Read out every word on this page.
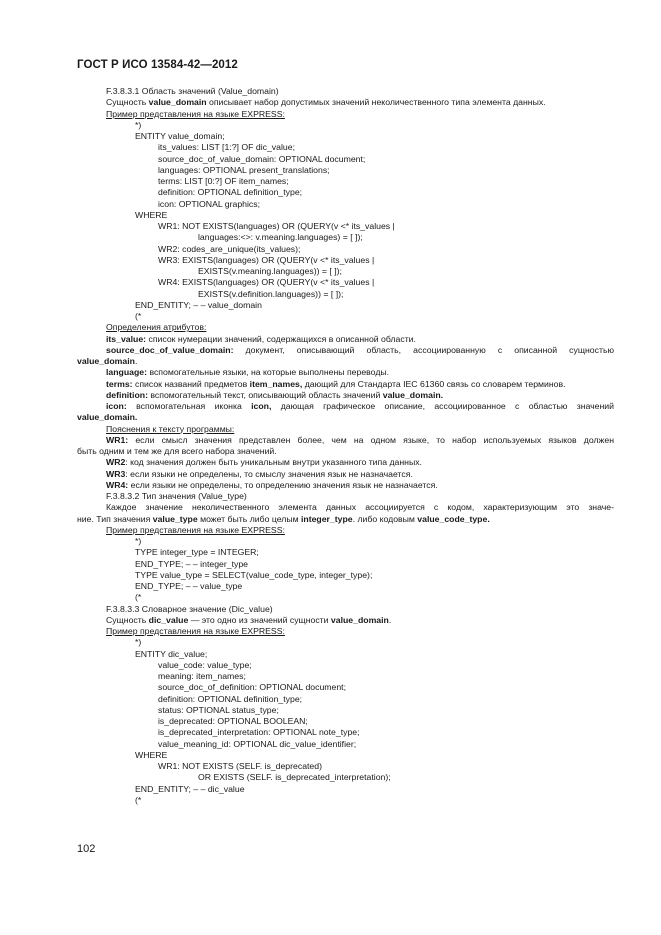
ГОСТ Р ИСО 13584-42—2012
F.3.8.3.1 Область значений (Value_domain)
Сущность value_domain описывает набор допустимых значений неколичественного типа элемента данных.
Пример представления на языке EXPRESS:
*)
ENTITY value_domain;
its_values: LIST [1:?] OF dic_value;
source_doc_of_value_domain: OPTIONAL document;
languages: OPTIONAL present_translations;
terms: LIST [0:?] OF item_names;
definition: OPTIONAL definition_type;
icon: OPTIONAL graphics;
WHERE
WR1: NOT EXISTS(languages) OR (QUERY(v <* its_values |
languages:<>: v.meaning.languages) = [ ]);
WR2: codes_are_unique(its_values);
WR3: EXISTS(languages) OR (QUERY(v <* its_values |
EXISTS(v.meaning.languages)) = [ ]);
WR4: EXISTS(languages) OR (QUERY(v <* its_values |
EXISTS(v.definition.languages)) = [ ]);
END_ENTITY; – – value_domain
(*
Определения атрибутов:
its_value: список нумерации значений, содержащихся в описанной области.
source_doc_of_value_domain: документ, описывающий область, ассоциированную с описанной сущностью
value_domain.
language: вспомогательные языки, на которые выполнены переводы.
terms: список названий предметов item_names, дающий для Стандарта IEC 61360 связь со словарем терминов.
definition: вспомогательный текст, описывающий область значений value_domain.
icon: вспомогательная иконка icon, дающая графическое описание, ассоциированное с областью значений
value_domain.
Пояснения к тексту программы:
WR1: если смысл значения представлен более, чем на одном языке, то набор используемых языков должен
быть одним и тем же для всего набора значений.
WR2: код значения должен быть уникальным внутри указанного типа данных.
WR3: если языки не определены, то смыслу значения язык не назначается.
WR4: если языки не определены, то определению значения язык не назначается.
F.3.8.3.2 Тип значения (Value_type)
Каждое значение неколичественного элемента данных ассоциируется с кодом, характеризующим это значе-
ние. Тип значения value_type может быть либо целым integer_type. либо кодовым value_code_type.
Пример представления на языке EXPRESS:
*)
TYPE integer_type = INTEGER;
END_TYPE; – – integer_type
TYPE value_type = SELECT(value_code_type, integer_type);
END_TYPE; – – value_type
(*
F.3.8.3.3 Словарное значение (Dic_value)
Сущность dic_value — это одно из значений сущности value_domain.
Пример представления на языке EXPRESS:
*)
ENTITY dic_value;
value_code: value_type;
meaning: item_names;
source_doc_of_definition: OPTIONAL document;
definition: OPTIONAL definition_type;
status: OPTIONAL status_type;
is_deprecated: OPTIONAL BOOLEAN;
is_deprecated_interpretation: OPTIONAL note_type;
value_meaning_id: OPTIONAL dic_value_identifier;
WHERE
WR1: NOT EXISTS (SELF. is_deprecated)
OR EXISTS (SELF. is_deprecated_interpretation);
END_ENTITY; – – dic_value
(*
102
